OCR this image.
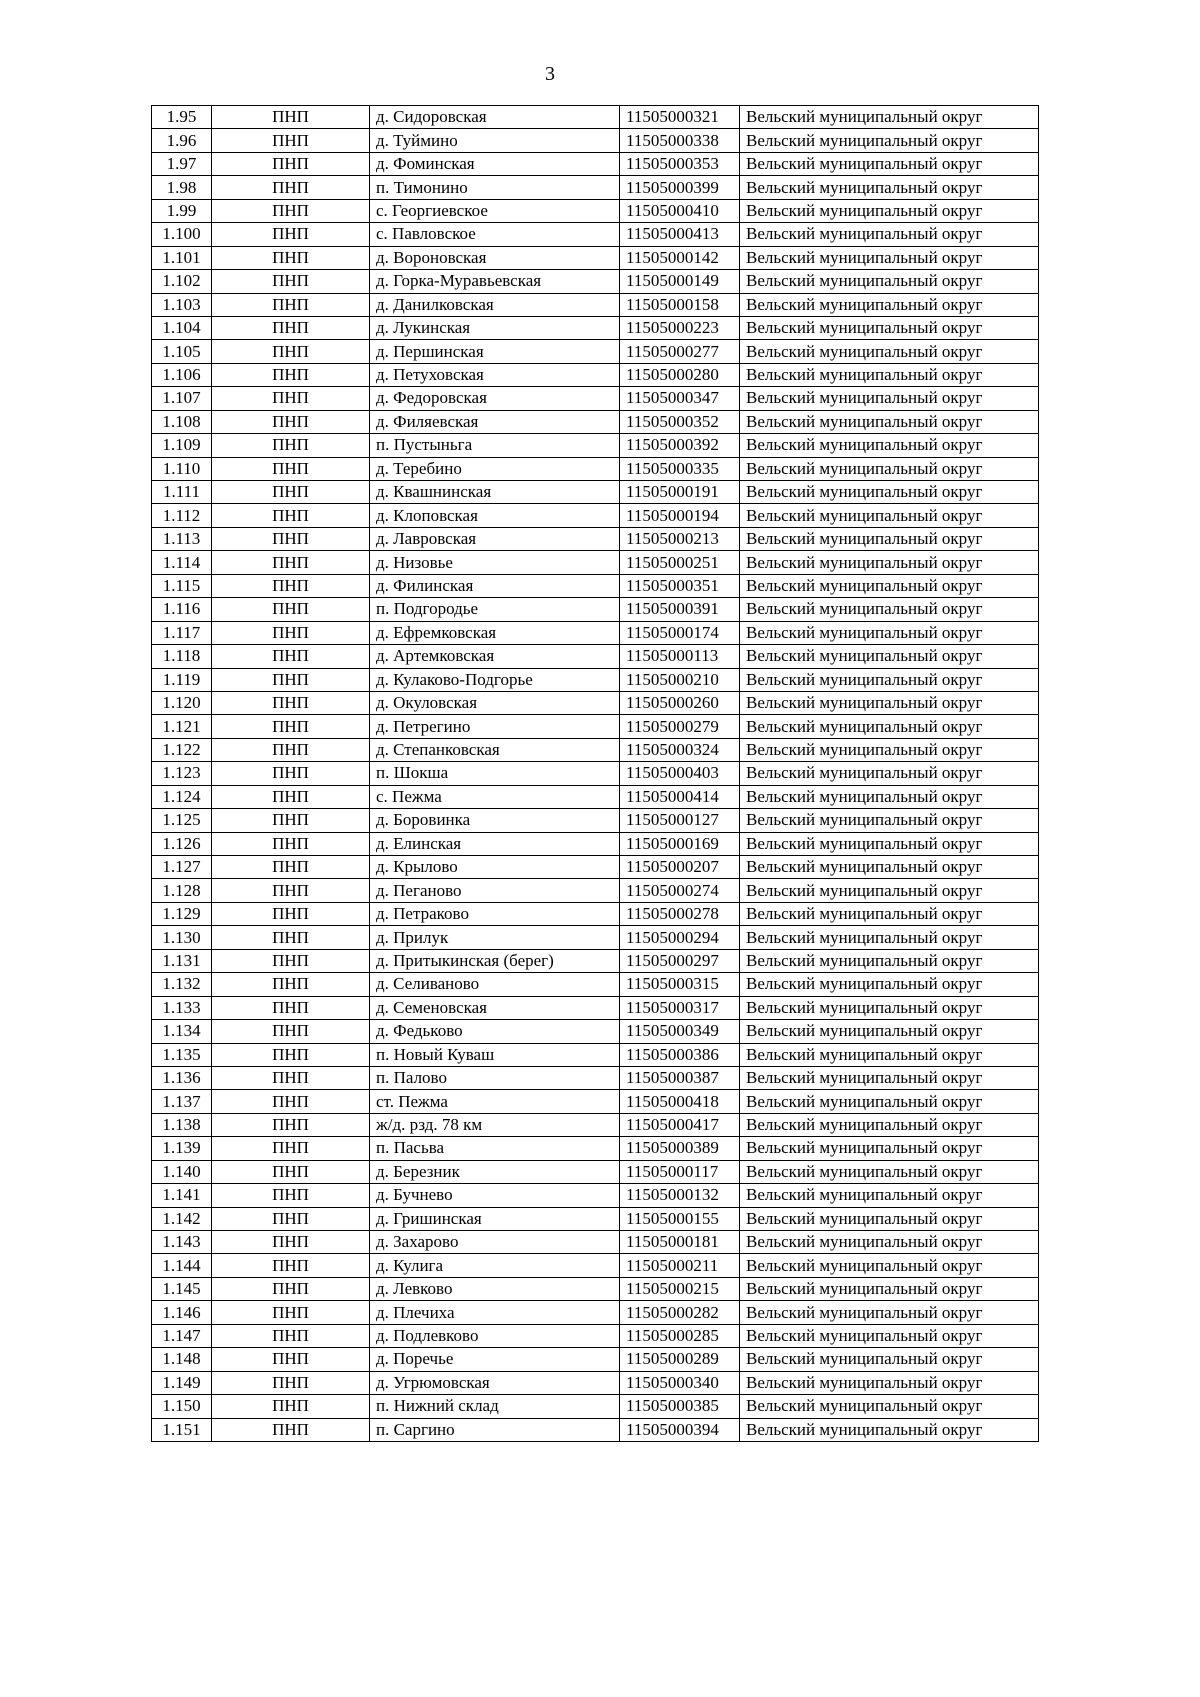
3
1.95	ПНП	д. Сидоровская	11505000321	Вельский муниципальный округ
1.96	ПНП	д. Туймино	11505000338	Вельский муниципальный округ
1.97	ПНП	д. Фоминская	11505000353	Вельский муниципальный округ
1.98	ПНП	п. Тимонино	11505000399	Вельский муниципальный округ
1.99	ПНП	с. Георгиевское	11505000410	Вельский муниципальный округ
1.100	ПНП	с. Павловское	11505000413	Вельский муниципальный округ
1.101	ПНП	д. Вороновская	11505000142	Вельский муниципальный округ
1.102	ПНП	д. Горка-Муравьевская	11505000149	Вельский муниципальный округ
1.103	ПНП	д. Данилковская	11505000158	Вельский муниципальный округ
1.104	ПНП	д. Лукинская	11505000223	Вельский муниципальный округ
1.105	ПНП	д. Першинская	11505000277	Вельский муниципальный округ
1.106	ПНП	д. Петуховская	11505000280	Вельский муниципальный округ
1.107	ПНП	д. Федоровская	11505000347	Вельский муниципальный округ
1.108	ПНП	д. Филяевская	11505000352	Вельский муниципальный округ
1.109	ПНП	п. Пустыньга	11505000392	Вельский муниципальный округ
1.110	ПНП	д. Теребино	11505000335	Вельский муниципальный округ
1.111	ПНП	д. Квашнинская	11505000191	Вельский муниципальный округ
1.112	ПНП	д. Клоповская	11505000194	Вельский муниципальный округ
1.113	ПНП	д. Лавровская	11505000213	Вельский муниципальный округ
1.114	ПНП	д. Низовье	11505000251	Вельский муниципальный округ
1.115	ПНП	д. Филинская	11505000351	Вельский муниципальный округ
1.116	ПНП	п. Подгородье	11505000391	Вельский муниципальный округ
1.117	ПНП	д. Ефремковская	11505000174	Вельский муниципальный округ
1.118	ПНП	д. Артемковская	11505000113	Вельский муниципальный округ
1.119	ПНП	д. Кулаково-Подгорье	11505000210	Вельский муниципальный округ
1.120	ПНП	д. Окуловская	11505000260	Вельский муниципальный округ
1.121	ПНП	д. Петрегино	11505000279	Вельский муниципальный округ
1.122	ПНП	д. Степанковская	11505000324	Вельский муниципальный округ
1.123	ПНП	п. Шокша	11505000403	Вельский муниципальный округ
1.124	ПНП	с. Пежма	11505000414	Вельский муниципальный округ
1.125	ПНП	д. Боровинка	11505000127	Вельский муниципальный округ
1.126	ПНП	д. Елинская	11505000169	Вельский муниципальный округ
1.127	ПНП	д. Крылово	11505000207	Вельский муниципальный округ
1.128	ПНП	д. Пеганово	11505000274	Вельский муниципальный округ
1.129	ПНП	д. Петраково	11505000278	Вельский муниципальный округ
1.130	ПНП	д. Прилук	11505000294	Вельский муниципальный округ
1.131	ПНП	д. Притыкинская (берег)	11505000297	Вельский муниципальный округ
1.132	ПНП	д. Селиваново	11505000315	Вельский муниципальный округ
1.133	ПНП	д. Семеновская	11505000317	Вельский муниципальный округ
1.134	ПНП	д. Федьково	11505000349	Вельский муниципальный округ
1.135	ПНП	п. Новый Куваш	11505000386	Вельский муниципальный округ
1.136	ПНП	п. Палово	11505000387	Вельский муниципальный округ
1.137	ПНП	ст. Пежма	11505000418	Вельский муниципальный округ
1.138	ПНП	ж/д. рзд. 78 км	11505000417	Вельский муниципальный округ
1.139	ПНП	п. Пасьва	11505000389	Вельский муниципальный округ
1.140	ПНП	д. Березник	11505000117	Вельский муниципальный округ
1.141	ПНП	д. Бучнево	11505000132	Вельский муниципальный округ
1.142	ПНП	д. Гришинская	11505000155	Вельский муниципальный округ
1.143	ПНП	д. Захарово	11505000181	Вельский муниципальный округ
1.144	ПНП	д. Кулига	11505000211	Вельский муниципальный округ
1.145	ПНП	д. Левково	11505000215	Вельский муниципальный округ
1.146	ПНП	д. Плечиха	11505000282	Вельский муниципальный округ
1.147	ПНП	д. Подлевково	11505000285	Вельский муниципальный округ
1.148	ПНП	д. Поречье	11505000289	Вельский муниципальный округ
1.149	ПНП	д. Угрюмовская	11505000340	Вельский муниципальный округ
1.150	ПНП	п. Нижний склад	11505000385	Вельский муниципальный округ
1.151	ПНП	п. Саргино	11505000394	Вельский муниципальный округ
